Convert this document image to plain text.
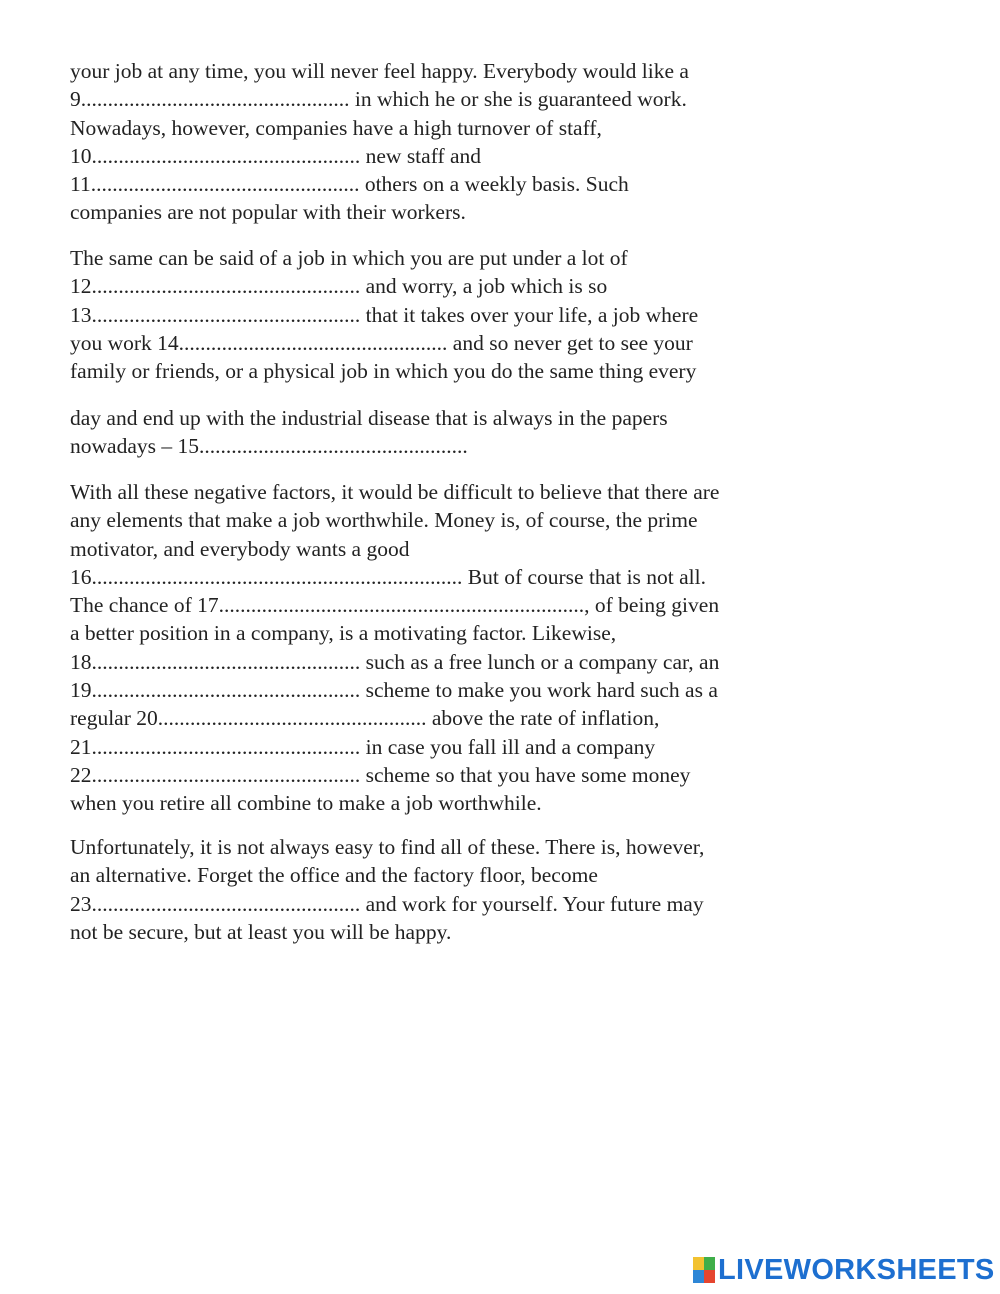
your job at any time, you will never feel happy. Everybody would like a
9.................................................. in which he or she is guaranteed work.
Nowadays, however, companies have a high turnover of staff,
10.................................................. new staff and
11.................................................. others on a weekly basis. Such
companies are not popular with their workers.
The same can be said of a job in which you are put under a lot of
12.................................................. and worry, a job which is so
13.................................................. that it takes over your life, a job where
you work 14.................................................. and so never get to see your
family or friends, or a physical job in which you do the same thing every
day and end up with the industrial disease that is always in the papers
nowadays – 15..................................................
With all these negative factors, it would be difficult to believe that there are
any elements that make a job worthwhile. Money is, of course, the prime
motivator, and everybody wants a good
16..................................................................... But of course that is not all.
The chance of 17...................................................................., of being given
a better position in a company, is a motivating factor. Likewise,
18.................................................. such as a free lunch or a company car, an
19.................................................. scheme to make you work hard such as a
regular 20.................................................. above the rate of inflation,
21.................................................. in case you fall ill and a company
22.................................................. scheme so that you have some money
when you retire all combine to make a job worthwhile.
Unfortunately, it is not always easy to find all of these. There is, however,
an alternative. Forget the office and the factory floor, become
23.................................................. and work for yourself. Your future may
not be secure, but at least you will be happy.
LIVEWORKSHEETS
